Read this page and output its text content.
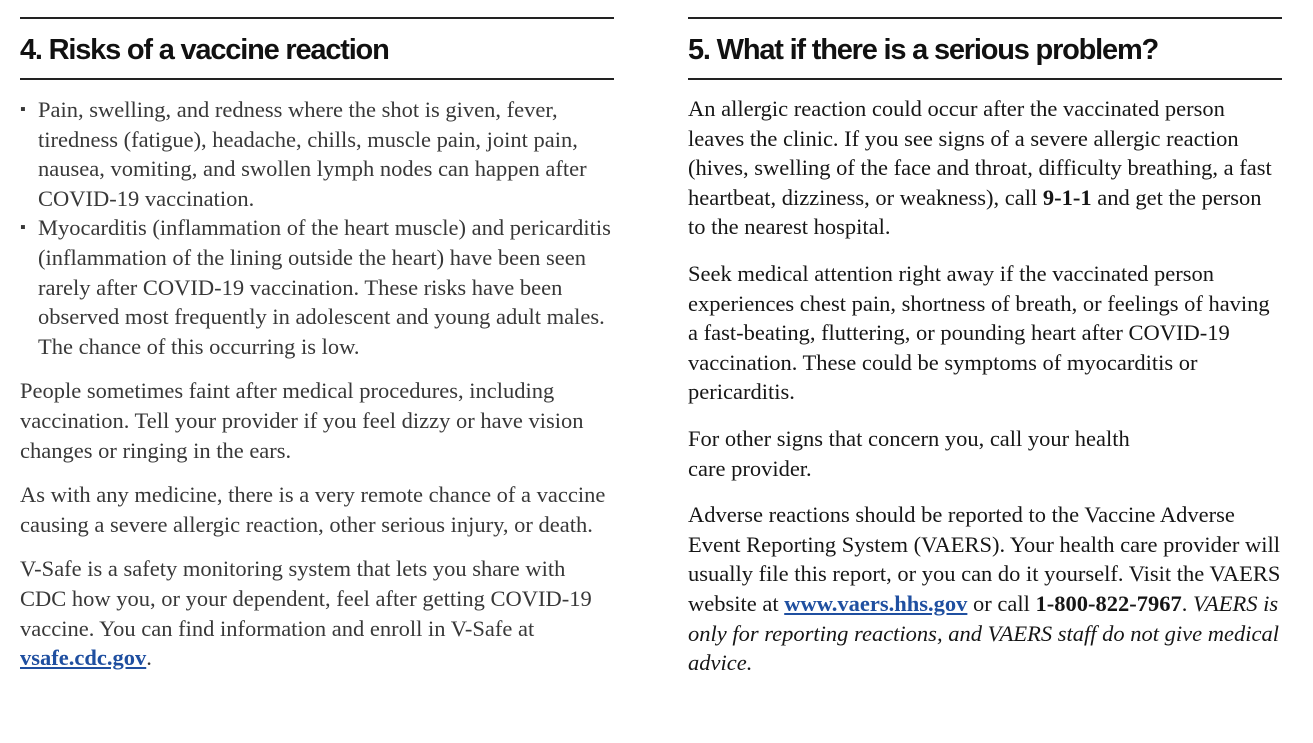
4. Risks of a vaccine reaction
▪ Pain, swelling, and redness where the shot is given, fever, tiredness (fatigue), headache, chills, muscle pain, joint pain, nausea, vomiting, and swollen lymph nodes can happen after COVID-19 vaccination.
▪ Myocarditis (inflammation of the heart muscle) and pericarditis (inflammation of the lining outside the heart) have been seen rarely after COVID-19 vaccination. These risks have been observed most frequently in adolescent and young adult males. The chance of this occurring is low.

People sometimes faint after medical procedures, including vaccination. Tell your provider if you feel dizzy or have vision changes or ringing in the ears.

As with any medicine, there is a very remote chance of a vaccine causing a severe allergic reaction, other serious injury, or death.

V-Safe is a safety monitoring system that lets you share with CDC how you, or your dependent, feel after getting COVID-19 vaccine. You can find information and enroll in V-Safe at vsafe.cdc.gov.

5. What if there is a serious problem?

An allergic reaction could occur after the vaccinated person leaves the clinic. If you see signs of a severe allergic reaction (hives, swelling of the face and throat, difficulty breathing, a fast heartbeat, dizziness, or weakness), call 9-1-1 and get the person to the nearest hospital.

Seek medical attention right away if the vaccinated person experiences chest pain, shortness of breath, or feelings of having a fast-beating, fluttering, or pounding heart after COVID-19 vaccination. These could be symptoms of myocarditis or pericarditis.

For other signs that concern you, call your health
care provider.

Adverse reactions should be reported to the Vaccine Adverse Event Reporting System (VAERS). Your health care provider will usually file this report, or you can do it yourself. Visit the VAERS website at www.vaers.hhs.gov or call 1-800-822-7967. VAERS is only for reporting reactions, and VAERS staff do not give medical advice.
